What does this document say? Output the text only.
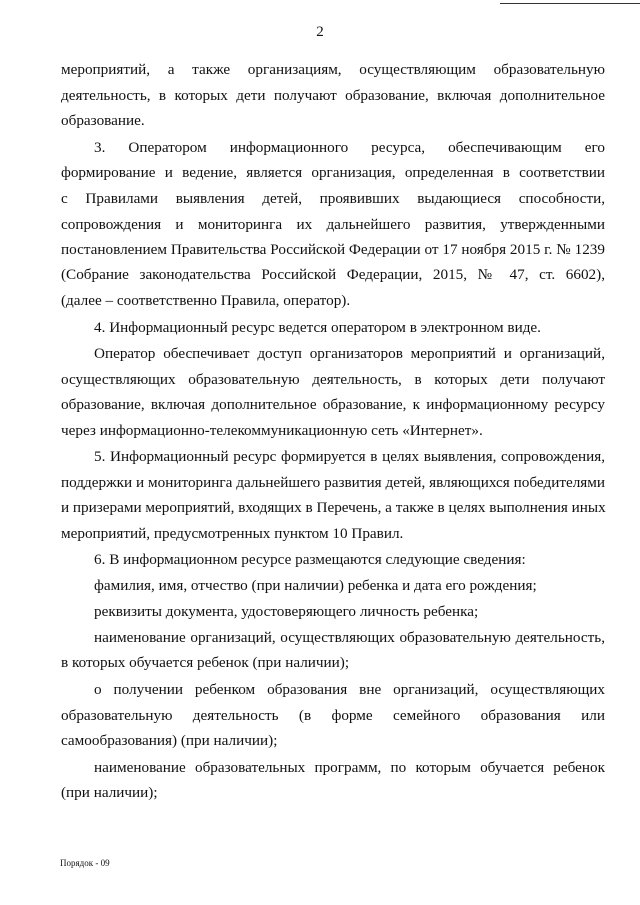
2
мероприятий, а также организациям, осуществляющим образовательную
деятельность, в которых дети получают образование, включая дополнительное
образование.
3. Оператором информационного ресурса, обеспечивающим его
формирование и ведение, является организация, определенная в соответствии
с Правилами выявления детей, проявивших выдающиеся способности,
сопровождения и мониторинга их дальнейшего развития, утвержденными
постановлением Правительства Российской Федерации от 17 ноября 2015 г. № 1239
(Собрание законодательства Российской Федерации, 2015, № 47, ст. 6602),
(далее – соответственно Правила, оператор).
4. Информационный ресурс ведется оператором в электронном виде.
Оператор обеспечивает доступ организаторов мероприятий и организаций,
осуществляющих образовательную деятельность, в которых дети получают
образование, включая дополнительное образование, к информационному ресурсу
через информационно-телекоммуникационную сеть «Интернет».
5. Информационный ресурс формируется в целях выявления, сопровождения,
поддержки и мониторинга дальнейшего развития детей, являющихся победителями
и призерами мероприятий, входящих в Перечень, а также в целях выполнения иных
мероприятий, предусмотренных пунктом 10 Правил.
6. В информационном ресурсе размещаются следующие сведения:
фамилия, имя, отчество (при наличии) ребенка и дата его рождения;
реквизиты документа, удостоверяющего личность ребенка;
наименование организаций, осуществляющих образовательную деятельность,
в которых обучается ребенок (при наличии);
о получении ребенком образования вне организаций, осуществляющих
образовательную деятельность (в форме семейного образования или
самообразования) (при наличии);
наименование образовательных программ, по которым обучается ребенок
(при наличии);
Порядок - 09
